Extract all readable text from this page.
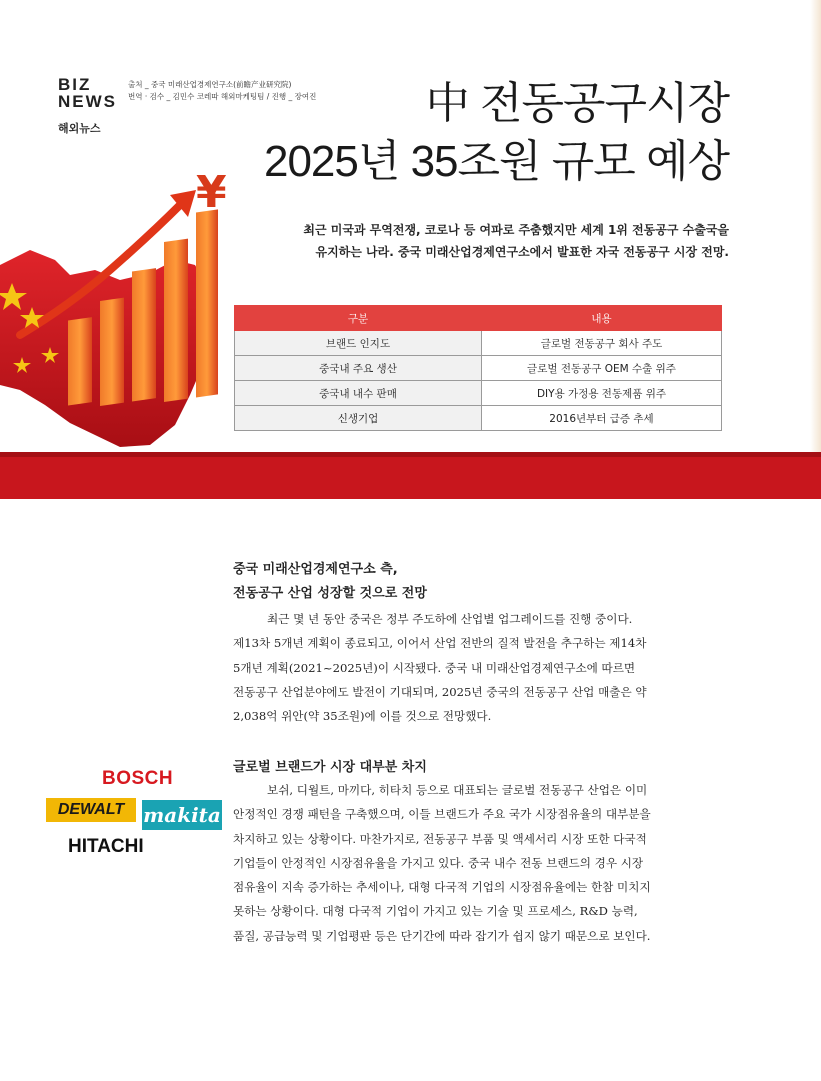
BIZ
NEWS
출처 _ 중국 미래산업경제연구소(前瞻产业研究院)
번역 · 검수 _ 김민수 코레따 해외마케팅팀 / 진행 _ 장여진
해외뉴스
中 전동공구시장
2025년 35조원 규모 예상
최근 미국과 무역전쟁, 코로나 등 여파로 주춤했지만 세계 1위 전동공구 수출국을
유지하는 나라. 중국 미래산업경제연구소에서 발표한 자국 전동공구 시장 전망.
¥
구분	내용
브랜드 인지도	글로벌 전동공구 회사 주도
중국내 주요 생산	글로벌 전동공구 OEM 수출 위주
중국내 내수 판매	DIY용 가정용 전동제품 위주
신생기업	2016년부터 급증 추세
중국 미래산업경제연구소 측,
전동공구 산업 성장할 것으로 전망
최근 몇 년 동안 중국은 정부 주도하에 산업별 업그레이드를 진행 중이다.
제13차 5개년 계획이 종료되고, 이어서 산업 전반의 질적 발전을 추구하는 제14차
5개년 계획(2021~2025년)이 시작됐다. 중국 내 미래산업경제연구소에 따르면
전동공구 산업분야에도 발전이 기대되며, 2025년 중국의 전동공구 산업 매출은 약
2,038억 위안(약 35조원)에 이를 것으로 전망했다.
글로벌 브랜드가 시장 대부분 차지
보쉬, 디월트, 마끼다, 히타치 등으로 대표되는 글로벌 전동공구 산업은 이미
안정적인 경쟁 패턴을 구축했으며, 이들 브랜드가 주요 국가 시장점유율의 대부분을
차지하고 있는 상황이다. 마찬가지로, 전동공구 부품 및 액세서리 시장 또한 다국적
기업들이 안정적인 시장점유율을 가지고 있다. 중국 내수 전동 브랜드의 경우 시장
점유율이 지속 증가하는 추세이나, 대형 다국적 기업의 시장점유율에는 한참 미치지
못하는 상황이다. 대형 다국적 기업이 가지고 있는 기술 및 프로세스, R&D 능력,
품질, 공급능력 및 기업평판 등은 단기간에 따라 잡기가 쉽지 않기 때문으로 보인다.
BOSCH
DEWALT makita
HITACHI
